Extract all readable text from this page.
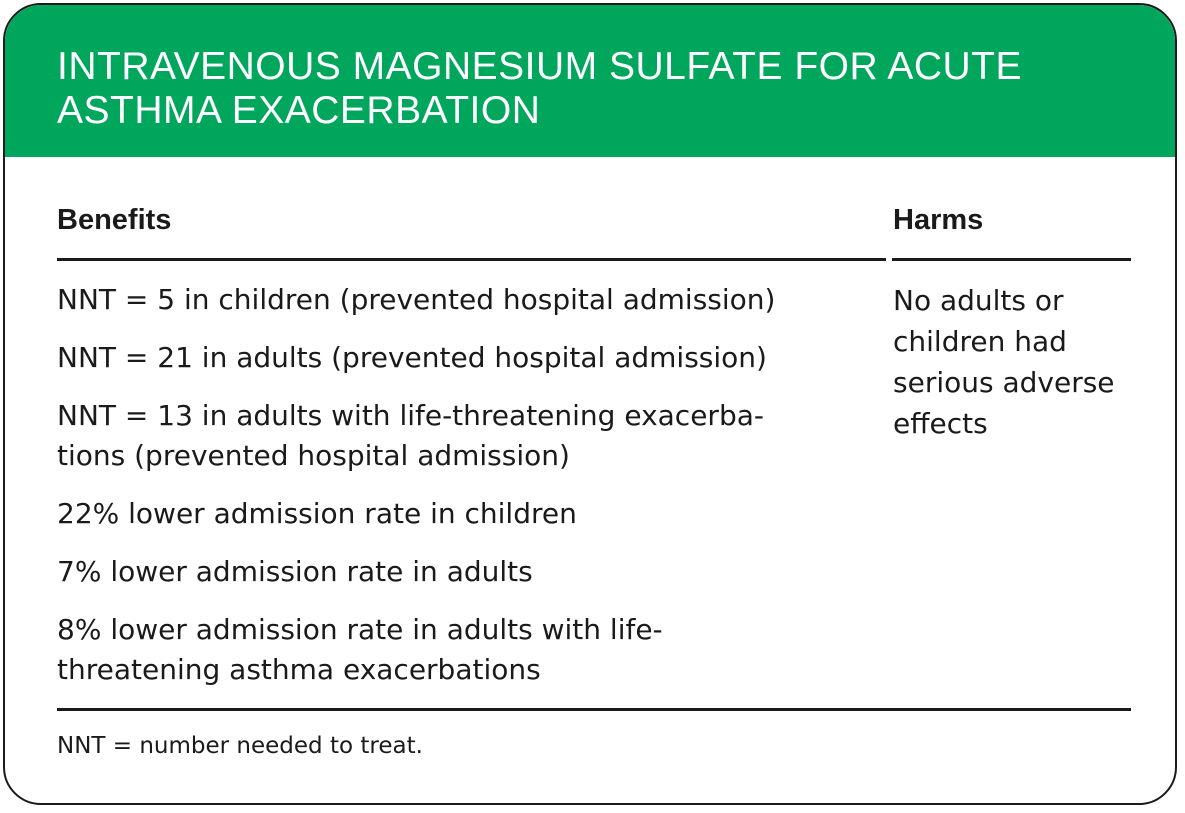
INTRAVENOUS MAGNESIUM SULFATE FOR ACUTE
ASTHMA EXACERBATION
Benefits	Harms
NNT = 5 in children (prevented hospital admission)
NNT = 21 in adults (prevented hospital admission)
NNT = 13 in adults with life-threatening exacerba-
tions (prevented hospital admission)
22% lower admission rate in children
7% lower admission rate in adults
8% lower admission rate in adults with life-
threatening asthma exacerbations

No adults or
children had
serious adverse
effects

NNT = number needed to treat.
